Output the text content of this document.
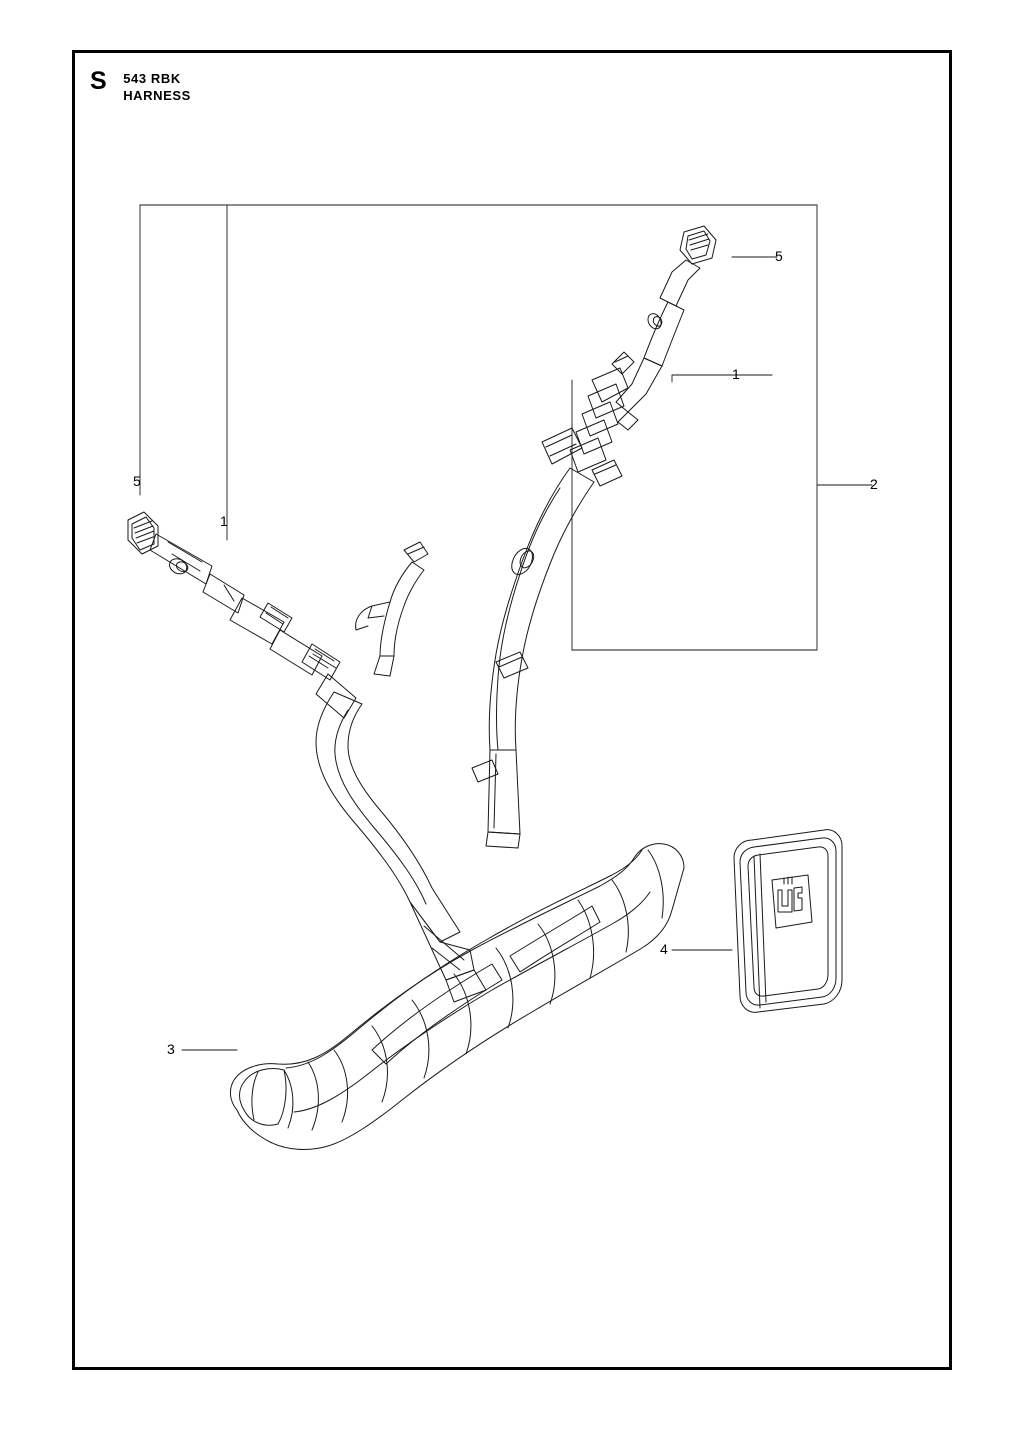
S 543 RBK
HARNESS
5
1
2
5
1
3
4
